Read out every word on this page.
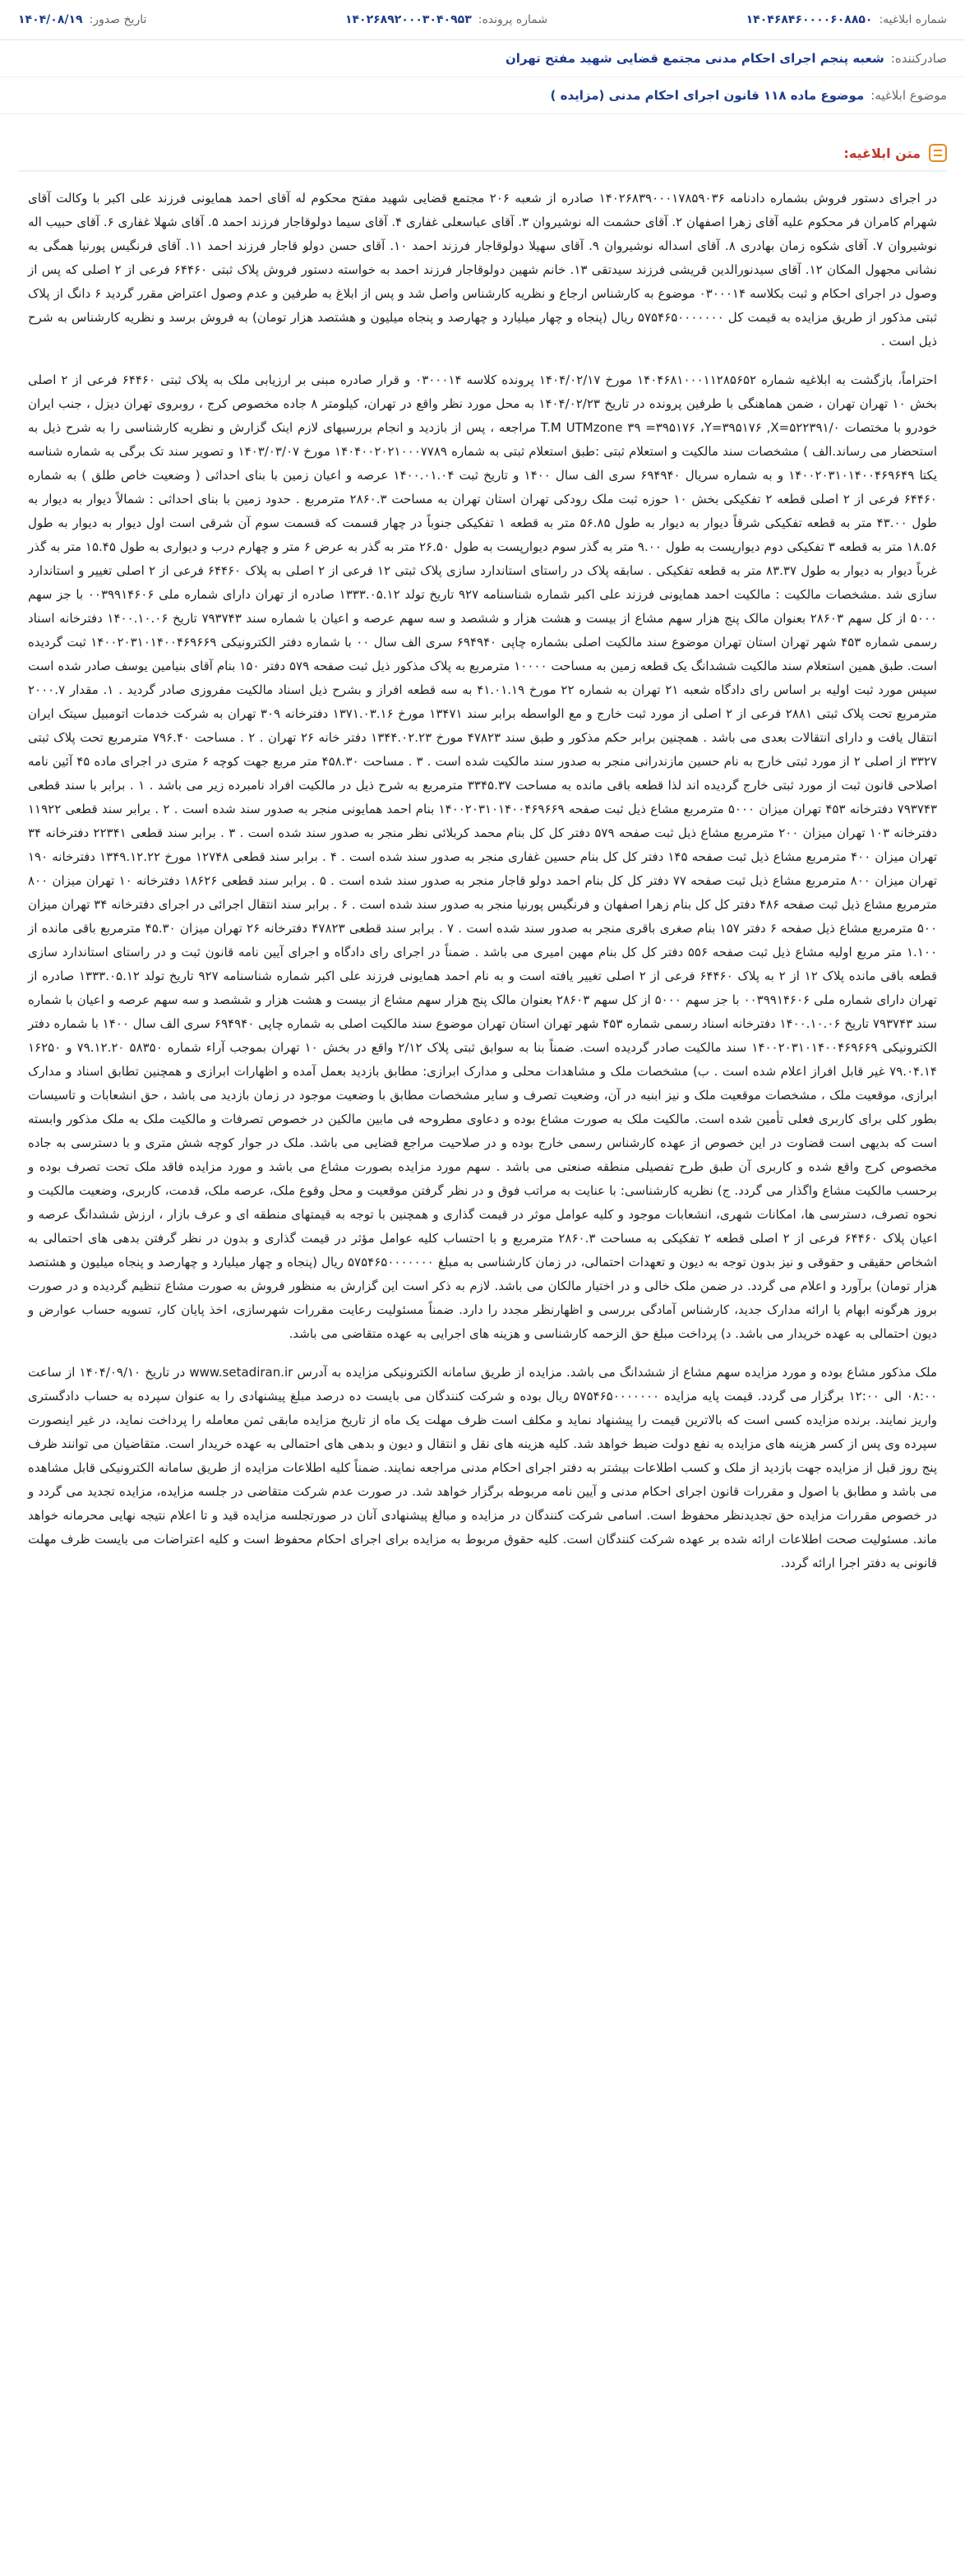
شماره ابلاغیه:
۱۴۰۴۶۸۴۶۰۰۰۰۶۰۸۸۵۰
شماره پرونده:
۱۴۰۲۶۸۹۲۰۰۰۳۰۴۰۹۵۳
تاریخ صدور:
۱۴۰۴/۰۸/۱۹
صادرکننده:
شعبه پنجم اجرای احکام مدنی مجتمع قضایی شهید مفتح تهران
موضوع ابلاغیه:
موضوع ماده ۱۱۸ قانون اجرای احکام مدنی (مزایده )
متن ابلاغیه:

در اجرای دستور فروش بشماره دادنامه ۱۴۰۲۶۸۳۹۰۰۰۱۷۸۵۹۰۳۶ صادره از شعبه ۲۰۶ مجتمع قضایی شهید مفتح محکوم له آقای احمد همایونی فرزند علی اکبر با وکالت آقای شهرام کامران فر محکوم علیه آقای زهرا اصفهان ۲. آقای حشمت اله نوشیروان ۳. آقای عباسعلی غفاری ۴. آقای سیما دولوقاجار فرزند احمد ۵. آقای شهلا غفاری ۶. آقای حبیب اله نوشیروان ۷. آقای شکوه زمان بهادری ۸. آقای اسداله نوشیروان ۹. آقای سهیلا دولوقاجار فرزند احمد ۱۰. آقای حسن دولو قاجار فرزند احمد ۱۱. آقای فرنگیس پورنیا همگی به نشانی مجهول المکان ۱۲. آقای سیدنورالدین قریشی فرزند سیدتقی ۱۳. خانم شهین دولوقاجار فرزند احمد به خواسته دستور فروش پلاک ثبتی ۶۴۴۶۰ فرعی از ۲ اصلی که پس از وصول در اجرای احکام و ثبت بکلاسه ۰۳۰۰۰۱۴ موضوع به کارشناس ارجاع و نظریه کارشناس واصل شد و پس از ابلاغ به طرفین و عدم وصول اعتراض مقرر گردید ۶ دانگ از پلاک ثبتی مذکور از طریق مزایده به قیمت کل ۵۷۵۴۶۵۰۰۰۰۰۰۰ ریال (پنجاه و چهار میلیارد و چهارصد و پنجاه میلیون و هشتصد هزار تومان) به فروش برسد و نظریه کارشناس به شرح ذیل است .

احتراماً، بازگشت به ابلاغیه شماره ۱۴۰۴۶۸۱۰۰۰۱۱۲۸۵۶۵۲ مورخ ۱۴۰۴/۰۲/۱۷ پرونده کلاسه ۰۳۰۰۰۱۴ و قرار صادره مبنی بر ارزیابی ملک به پلاک ثبتی ۶۴۴۶۰ فرعی از ۲ اصلی بخش ۱۰ تهران تهران ، ضمن هماهنگی با طرفین پرونده در تاریخ ۱۴۰۴/۰۲/۲۳ به محل مورد نظر واقع در تهران، کیلومتر ۸ جاده مخصوص کرج ، روبروی تهران دیزل ، جنب ایران خودرو با مختصات T.M UTMzone ۳۹ =۳۹۵۱۷۶ ،Y=۳۹۵۱۷۶ ,X=۵۲۲۳۹۱/۰ مراجعه ، پس از بازدید و انجام بررسیهای لازم اینک گزارش و نظریه کارشناسی را به شرح ذیل به استحضار می رساند.الف ) مشخصات سند مالکیت و استعلام ثبتی :طبق استعلام ثبتی به شماره ۱۴۰۴۰۰۲۰۲۱۰۰۰۷۷۸۹ مورخ ۱۴۰۳/۰۳/۰۷ و تصویر سند تک برگی به شماره شناسه یکتا ۱۴۰۰۲۰۳۱۰۱۴۰۰۴۶۹۶۴۹ و به شماره سریال ۶۹۴۹۴۰ سری الف سال ۱۴۰۰ و تاریخ ثبت ۱۴۰۰.۰۱.۰۴ عرصه و اعیان زمین با بنای احداثی ( وضعیت خاص طلق ) به شماره ۶۴۴۶۰ فرعی از ۲ اصلی قطعه ۲ تفکیکی بخش ۱۰ حوزه ثبت ملک رودکی تهران استان تهران به مساحت ۲۸۶۰.۳ مترمربع . حدود زمین با بنای احداثی : شمالاً دیوار به دیوار به طول ۴۳.۰۰ متر به قطعه تفکیکی شرقاً دیوار به دیوار به طول ۵۶.۸۵ متر به قطعه ۱ تفکیکی جنوباً در چهار قسمت که قسمت سوم آن شرقی است اول دیوار به دیوار به طول ۱۸.۵۶ متر به قطعه ۳ تفکیکی دوم دیوارپست به طول ۹.۰۰ متر به گذر سوم دیوارپست به طول ۲۶.۵۰ متر به گذر به عرض ۶ متر و چهارم درب و دیواری به طول ۱۵.۴۵ متر به گذر غرباً دیوار به دیوار به طول ۸۳.۳۷ متر به قطعه تفکیکی . سابقه پلاک در راستای استاندارد سازی پلاک ثبتی ۱۲ فرعی از ۲ اصلی به پلاک ۶۴۴۶۰ فرعی از ۲ اصلی تغییر و استاندارد سازی شد .مشخصات مالکیت : مالکیت احمد همایونی فرزند علی اکبر شماره شناسنامه ۹۲۷ تاریخ تولد ۱۳۳۳.۰۵.۱۲ صادره از تهران دارای شماره ملی ۰۰۳۹۹۱۴۶۰۶ با جز سهم ۵۰۰۰ از کل سهم ۲۸۶۰۳ بعنوان مالک پنج هزار سهم مشاع از بیست و هشت هزار و ششصد و سه سهم عرصه و اعیان با شماره سند ۷۹۳۷۴۳ تاریخ ۱۴۰۰.۱۰.۰۶ دفترخانه اسناد رسمی شماره ۴۵۳ شهر تهران استان تهران موضوع سند مالکیت اصلی بشماره چاپی ۶۹۴۹۴۰ سری الف سال ۰۰ با شماره دفتر الکترونیکی ۱۴۰۰۲۰۳۱۰۱۴۰۰۴۶۹۶۶۹ ثبت گردیده است. طبق همین استعلام سند مالکیت ششدانگ یک قطعه زمین به مساحت ۱۰۰۰۰ مترمربع به پلاک مذکور ذیل ثبت صفحه ۵۷۹ دفتر ۱۵۰ بنام آقای بنیامین یوسف صادر شده است سپس مورد ثبت اولیه بر اساس رای دادگاه شعبه ۲۱ تهران به شماره ۲۲ مورخ ۴۱.۰۱.۱۹ به سه قطعه افراز و بشرح ذیل اسناد مالکیت مفروزی صادر گردید . ۱. مقدار ۲۰۰۰.۷ مترمربع تحت پلاک ثبتی ۲۸۸۱ فرعی از ۲ اصلی از مورد ثبت خارج و مع الواسطه برابر سند ۱۳۴۷۱ مورخ ۱۳۷۱.۰۳.۱۶ دفترخانه ۳۰۹ تهران به شرکت خدمات اتومبیل سیتک ایران انتقال یافت و دارای انتقالات بعدی می باشد . همچنین برابر حکم مذکور و طبق سند ۴۷۸۲۳ مورخ ۱۳۴۴.۰۲.۲۳ دفتر خانه ۲۶ تهران . ۲ . مساحت ۷۹۶.۴۰ مترمربع تحت پلاک ثبتی ۳۳۲۷ از اصلی ۲ از مورد ثبتی خارج به نام حسین مازندرانی منجر به صدور سند مالکیت شده است . ۳ . مساحت ۴۵۸.۳۰ متر مربع جهت کوچه ۶ متری در اجرای ماده ۴۵ آئین نامه اصلاحی قانون ثبت از مورد ثبتی خارج گردیده اند لذا قطعه باقی مانده به مساحت ۳۳۴۵.۳۷ مترمربع به شرح ذیل در مالکیت افراد نامبرده زیر می باشد . ۱ . برابر با سند قطعی ۷۹۳۷۴۳ دفترخانه ۴۵۳ تهران میزان ۵۰۰۰ مترمربع مشاع ذیل ثبت صفحه ۱۴۰۰۲۰۳۱۰۱۴۰۰۴۶۹۶۶۹ بنام احمد همایونی منجر به صدور سند شده است . ۲ . برابر سند قطعی ۱۱۹۲۲ دفترخانه ۱۰۳ تهران میزان ۲۰۰ مترمربع مشاع ذیل ثبت صفحه ۵۷۹ دفتر کل کل بنام محمد کربلائی نظر منجر به صدور سند شده است . ۳ . برابر سند قطعی ۲۲۳۴۱ دفترخانه ۳۴ تهران میزان ۴۰۰ مترمربع مشاع ذیل ثبت صفحه ۱۴۵ دفتر کل کل بنام حسین غفاری منجر به صدور سند شده است . ۴ . برابر سند قطعی ۱۲۷۴۸ مورخ ۱۳۴۹.۱۲.۲۲ دفترخانه ۱۹۰ تهران میزان ۸۰۰ مترمربع مشاع ذیل ثبت صفحه ۷۷ دفتر کل کل بنام احمد دولو قاجار منجر به صدور سند شده است . ۵ . برابر سند قطعی ۱۸۶۲۶ دفترخانه ۱۰ تهران میزان ۸۰۰ مترمربع مشاع ذیل ثبت صفحه ۴۸۶ دفتر کل کل بنام زهرا اصفهان و فرنگیس پورنیا منجر به صدور سند شده است . ۶ . برابر سند انتقال اجرائی در اجرای دفترخانه ۳۴ تهران میزان ۵۰۰ مترمربع مشاع ذیل صفحه ۶ دفتر ۱۵۷ بنام صغری باقری منجر به صدور سند شده است . ۷ . برابر سند قطعی ۴۷۸۲۳ دفترخانه ۲۶ تهران میزان ۴۵.۳۰ مترمربع باقی مانده از ۱.۱۰۰ متر مربع اولیه مشاع ذیل ثبت صفحه ۵۵۶ دفتر کل کل بنام مهین امیری می باشد . ضمناً در اجرای رای دادگاه و اجرای آیین نامه قانون ثبت و در راستای استاندارد سازی قطعه باقی مانده پلاک ۱۲ از ۲ به پلاک ۶۴۴۶۰ فرعی از ۲ اصلی تغییر یافته است و به نام احمد همایونی فرزند علی اکبر شماره شناسنامه ۹۲۷ تاریخ تولد ۱۳۳۳.۰۵.۱۲ صادره از تهران دارای شماره ملی ۰۰۳۹۹۱۴۶۰۶ با جز سهم ۵۰۰۰ از کل سهم ۲۸۶۰۳ بعنوان مالک پنج هزار سهم مشاع از بیست و هشت هزار و ششصد و سه سهم عرصه و اعیان با شماره سند ۷۹۳۷۴۳ تاریخ ۱۴۰۰.۱۰.۰۶ دفترخانه اسناد رسمی شماره ۴۵۳ شهر تهران استان تهران موضوع سند مالکیت اصلی به شماره چاپی ۶۹۴۹۴۰ سری الف سال ۱۴۰۰ با شماره دفتر الکترونیکی ۱۴۰۰۲۰۳۱۰۱۴۰۰۴۶۹۶۶۹ سند مالکیت صادر گردیده است. ضمناً بنا به سوابق ثبتی پلاک ۲/۱۲ واقع در بخش ۱۰ تهران بموجب آراء شماره ۵۸۳۵۰ ۷۹.۱۲.۲۰ و ۱۶۲۵۰ ۷۹.۰۴.۱۴ غیر قابل افراز اعلام شده است . ب) مشخصات ملک و مشاهدات محلی و مدارک ابرازی: مطابق بازدید بعمل آمده و اظهارات ابرازی و همچنین تطابق اسناد و مدارک ابرازی، موقعیت ملک ، مشخصات موقعیت ملک و نیز ابنیه در آن، وضعیت تصرف و سایر مشخصات مطابق با وضعیت موجود در زمان بازدید می باشد ، حق انشعابات و تاسیسات بطور کلی برای کاربری فعلی تأمین شده است. مالکیت ملک به صورت مشاع بوده و دعاوی مطروحه فی مابین مالکین در خصوص تصرفات و مالکیت ملک به ملک مذکور وابسته است که بدیهی است قضاوت در این خصوص از عهده کارشناس رسمی خارج بوده و در صلاحیت مراجع قضایی می باشد. ملک در جوار کوچه شش متری و با دسترسی به جاده مخصوص کرج واقع شده و کاربری آن طبق طرح تفصیلی منطقه صنعتی می باشد . سهم مورد مزایده بصورت مشاع می باشد و مورد مزایده فاقد ملک تحت تصرف بوده و برحسب مالکیت مشاع واگذار می گردد. ج) نظریه کارشناسی: با عنایت به مراتب فوق و در نظر گرفتن موقعیت و محل وقوع ملک، عرصه ملک، قدمت، کاربری، وضعیت مالکیت و نحوه تصرف، دسترسی ها، امکانات شهری، انشعابات موجود و کلیه عوامل موثر در قیمت گذاری و همچنین با توجه به قیمتهای منطقه ای و عرف بازار ، ارزش ششدانگ عرصه و اعیان پلاک ۶۴۴۶۰ فرعی از ۲ اصلی قطعه ۲ تفکیکی به مساحت ۲۸۶۰.۳ مترمربع و با احتساب کلیه عوامل مؤثر در قیمت گذاری و بدون در نظر گرفتن بدهی های احتمالی به اشخاص حقیقی و حقوقی و نیز بدون توجه به دیون و تعهدات احتمالی، در زمان کارشناسی به مبلغ ۵۷۵۴۶۵۰۰۰۰۰۰۰ ریال (پنجاه و چهار میلیارد و چهارصد و پنجاه میلیون و هشتصد هزار تومان) برآورد و اعلام می گردد. در ضمن ملک خالی و در اختیار مالکان می باشد. لازم به ذکر است این گزارش به منظور فروش به صورت مشاع تنظیم گردیده و در صورت بروز هرگونه ابهام یا ارائه مدارک جدید، کارشناس آمادگی بررسی و اظهارنظر مجدد را دارد. ضمناً مسئولیت رعایت مقررات شهرسازی، اخذ پایان کار، تسویه حساب عوارض و دیون احتمالی به عهده خریدار می باشد. د) پرداخت مبلغ حق الزحمه کارشناسی و هزینه های اجرایی به عهده متقاضی می باشد.

ملک مذکور مشاع بوده و مورد مزایده سهم مشاع از ششدانگ می باشد. مزایده از طریق سامانه الکترونیکی مزایده به آدرس www.setadiran.ir در تاریخ ۱۴۰۴/۰۹/۱۰ از ساعت ۰۸:۰۰ الی ۱۲:۰۰ برگزار می گردد. قیمت پایه مزایده ۵۷۵۴۶۵۰۰۰۰۰۰۰ ریال بوده و شرکت کنندگان می بایست ده درصد مبلغ پیشنهادی را به عنوان سپرده به حساب دادگستری واریز نمایند. برنده مزایده کسی است که بالاترین قیمت را پیشنهاد نماید و مکلف است ظرف مهلت یک ماه از تاریخ مزایده مابقی ثمن معامله را پرداخت نماید، در غیر اینصورت سپرده وی پس از کسر هزینه های مزایده به نفع دولت ضبط خواهد شد. کلیه هزینه های نقل و انتقال و دیون و بدهی های احتمالی به عهده خریدار است. متقاضیان می توانند ظرف پنج روز قبل از مزایده جهت بازدید از ملک و کسب اطلاعات بیشتر به دفتر اجرای احکام مدنی مراجعه نمایند. ضمناً کلیه اطلاعات مزایده از طریق سامانه الکترونیکی قابل مشاهده می باشد و مطابق با اصول و مقررات قانون اجرای احکام مدنی و آیین نامه مربوطه برگزار خواهد شد. در صورت عدم شرکت متقاضی در جلسه مزایده، مزایده تجدید می گردد و در خصوص مقررات مزایده حق تجدیدنظر محفوظ است. اسامی شرکت کنندگان در مزایده و مبالغ پیشنهادی آنان در صورتجلسه مزایده قید و تا اعلام نتیجه نهایی محرمانه خواهد ماند. مسئولیت صحت اطلاعات ارائه شده بر عهده شرکت کنندگان است. کلیه حقوق مربوط به مزایده برای اجرای احکام محفوظ است و کلیه اعتراضات می بایست ظرف مهلت قانونی به دفتر اجرا ارائه گردد.
